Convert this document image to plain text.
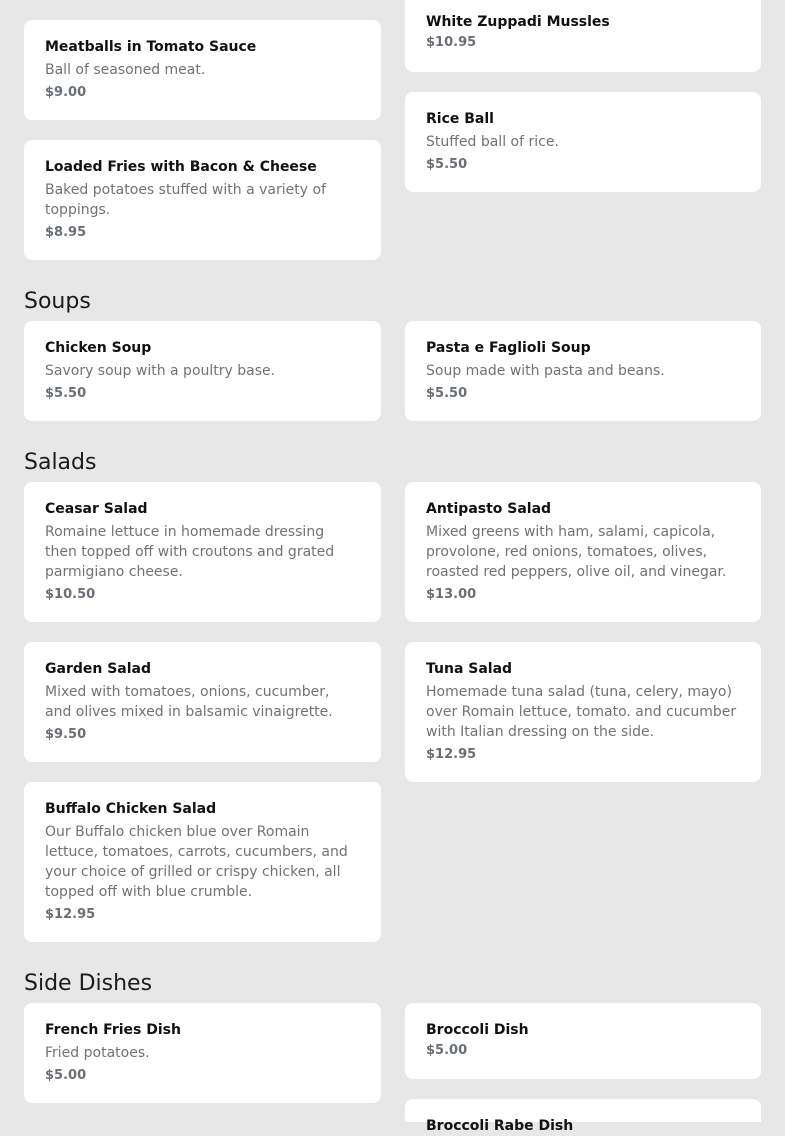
White Zuppadi Mussles
$10.95
Meatballs in Tomato Sauce
Ball of seasoned meat.
$9.00
Rice Ball
Stuffed ball of rice.
$5.50
Loaded Fries with Bacon & Cheese
Baked potatoes stuffed with a variety of toppings.
$8.95
Soups
Chicken Soup
Savory soup with a poultry base.
$5.50
Pasta e Faglioli Soup
Soup made with pasta and beans.
$5.50
Salads
Ceasar Salad
Romaine lettuce in homemade dressing then topped off with croutons and grated parmigiano cheese.
$10.50
Antipasto Salad
Mixed greens with ham, salami, capicola, provolone, red onions, tomatoes, olives, roasted red peppers, olive oil, and vinegar.
$13.00
Garden Salad
Mixed with tomatoes, onions, cucumber, and olives mixed in balsamic vinaigrette.
$9.50
Tuna Salad
Homemade tuna salad (tuna, celery, mayo) over Romain lettuce, tomato. and cucumber with Italian dressing on the side.
$12.95
Buffalo Chicken Salad
Our Buffalo chicken blue over Romain lettuce, tomatoes, carrots, cucumbers, and your choice of grilled or crispy chicken, all topped off with blue crumble.
$12.95
Side Dishes
French Fries Dish
Fried potatoes.
$5.00
Broccoli Dish
$5.00
Broccoli Rabe Dish
